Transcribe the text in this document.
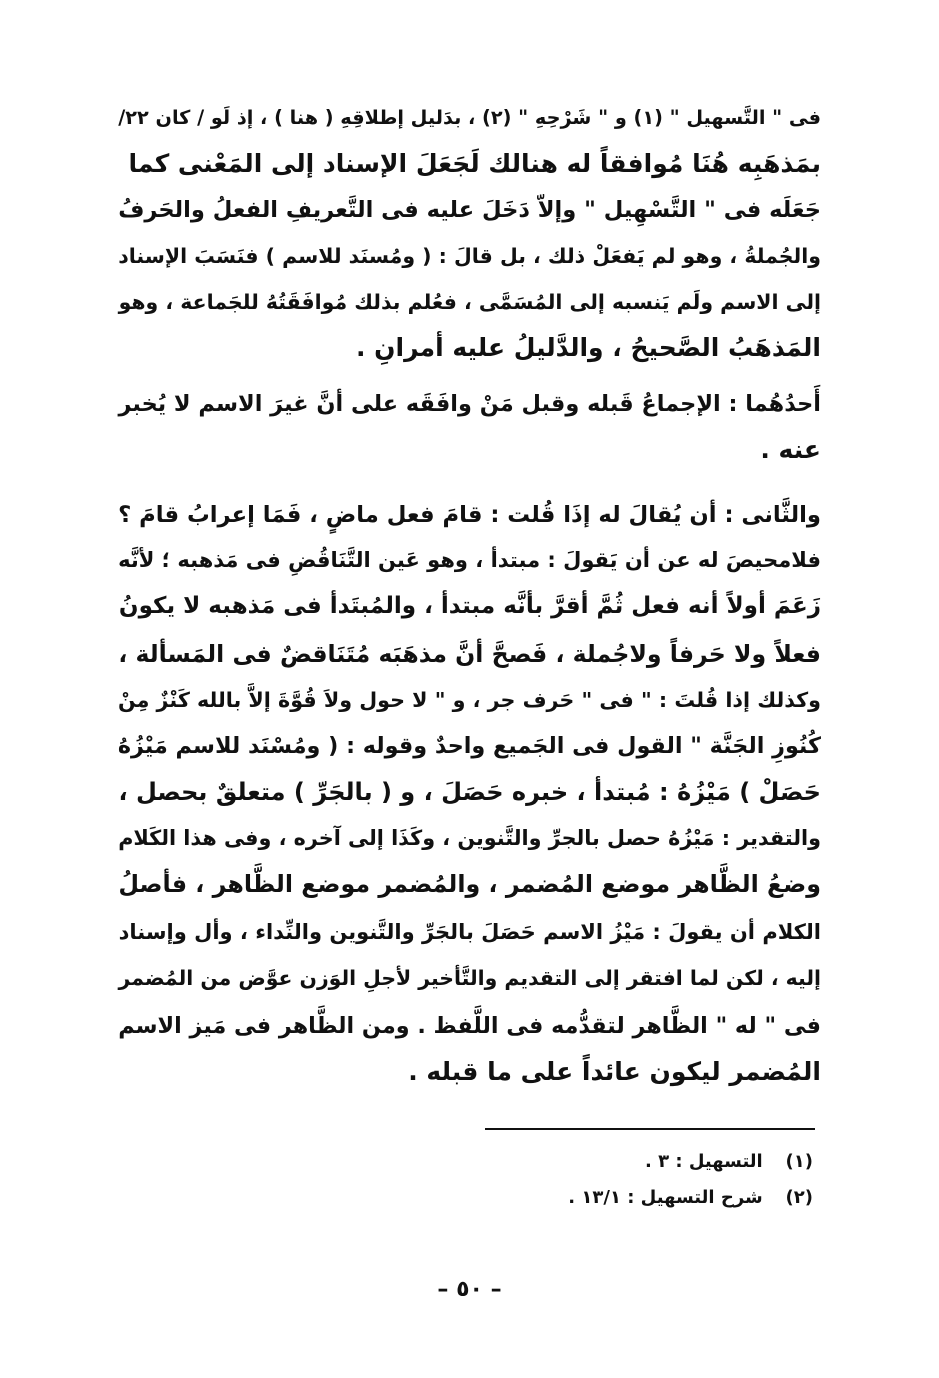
فى " التَّسهيل " (١) و " شَرْحِهِ " (٢) ، بدَليل إطلاقِهِ ( هنا ) ، إذ لَو / كان ٢٢/
بمَذهَبِه هُنَا مُوافقاً له هنالك لَجَعَلَ الإسناد إلى المَعْنى كما
جَعَلَه فى " التَّسْهِيل " وإلاّ دَخَلَ عليه فى التَّعريفِ الفعلُ والحَرفُ
والجُملةُ ، وهو لم يَفعَلْ ذلك ، بل قالَ : ( ومُسنَد للاسم ) فنَسَبَ الإسناد
إلى الاسم ولَم يَنسبه إلى المُسَمَّى ، فعُلم بذلك مُوافَقَتُهُ للجَماعة ، وهو
المَذهَبُ الصَّحيحُ ، والدَّليلُ عليه أمرانِ .
أَحدُهُما : الإجماعُ قَبله وقبل مَنْ وافَقَه على أنَّ غيرَ الاسم لا يُخبر
عنه .
والثَّانى : أن يُقالَ له إذَا قُلت : قامَ فعل ماضٍ ، فَمَا إعرابُ قامَ ؟
فلامحيصَ له عن أن يَقولَ : مبتدأ ، وهو عَين التَّنَاقُضِ فى مَذهبه ؛ لأنَّه
زَعَمَ أولاً أنه فعل ثُمَّ أقرَّ بأنَّه مبتدأ ، والمُبتَدأ فى مَذهبه لا يكونُ
فعلاً ولا حَرفاً ولاجُملة ، فَصحَّ أنَّ مذهَبَه مُتَنَاقضٌ فى المَسألة ،
وكذلك إذا قُلتَ : " فى " حَرف جر ، و " لا حول ولاَ قُوَّةَ إلاَّ بالله كَنْزٌ مِنْ
كُنُوزِ الجَنَّة " القول فى الجَميع واحدٌ وقوله : ( ومُسْنَد للاسم مَيْزُهُ
حَصَلْ ) مَيْزُهُ : مُبتدأ ، خبره حَصَلَ ، و ( بالجَرِّ ) متعلقٌ بحصل ،
والتقدير : مَيْزُهُ حصل بالجرِّ والتَّنوين ، وكَذَا إلى آخره ، وفى هذا الكَلام
وضعُ الظَّاهر موضع المُضمر ، والمُضمر موضع الظَّاهر ، فأصلُ
الكلام أن يقولَ : مَيْزُ الاسم حَصَلَ بالجَرِّ والتَّنوين والنِّداء ، وأل وإسناد
إليه ، لكن لما افتقر إلى التقديم والتَّأخير لأجلِ الوَزن عوَّض من المُضمر
فى " له " الظَّاهر لتقدُّمه فى اللَّفظ . ومن الظَّاهر فى مَيز الاسم
المُضمر ليكون عائداً على ما قبله .
(١) التسهيل : ٣ .
(٢) شرح التسهيل : ١٣/١ .
– ٥٠ –
